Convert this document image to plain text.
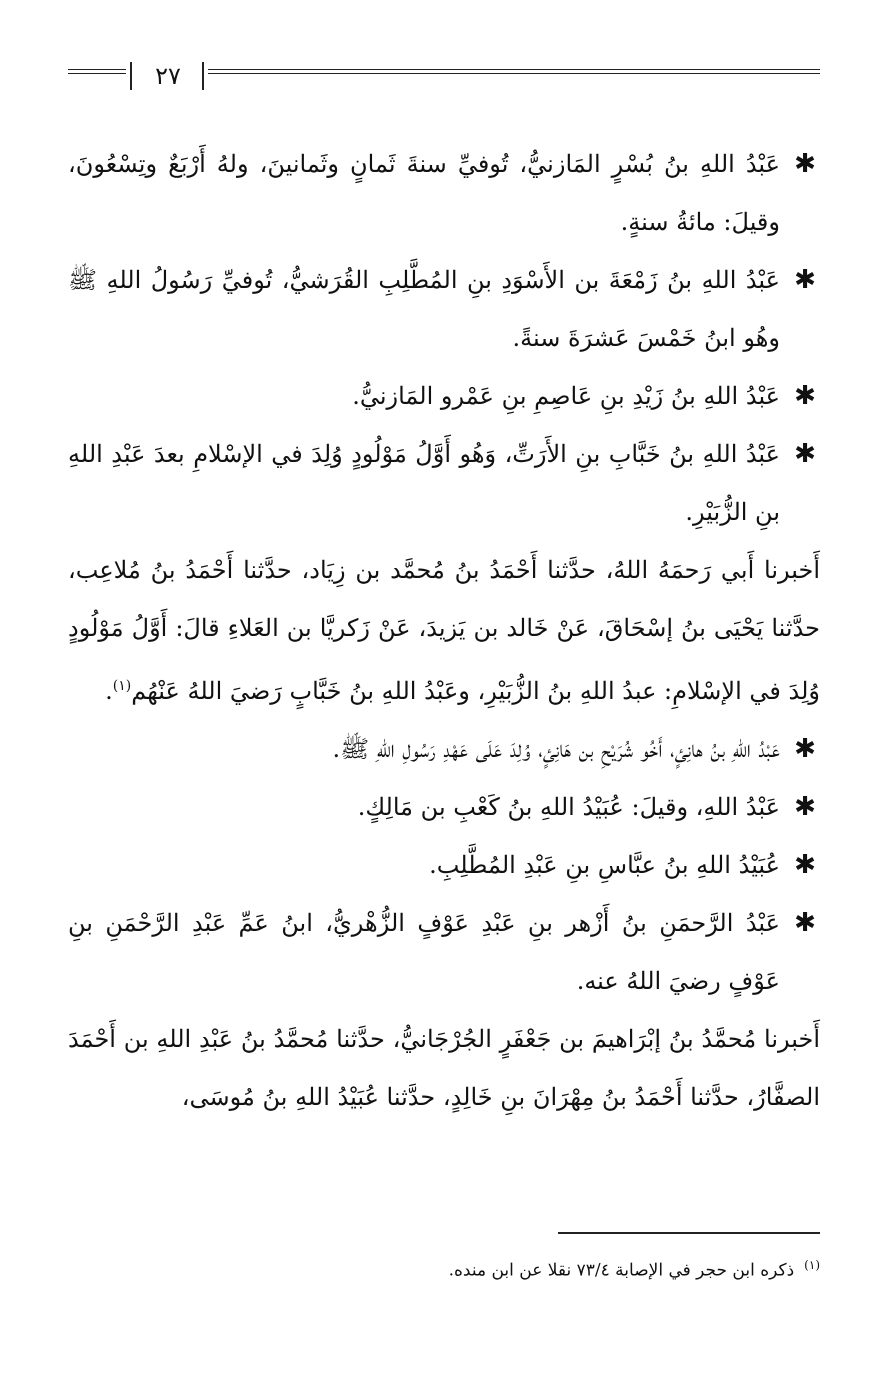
٢٧

✱
عَبْدُ اللهِ بنُ بُسْرٍ المَازنيُّ، تُوفيِّ سنةَ ثَمانٍ وثَمانينَ، ولهُ أَرْبَعٌ وتِسْعُونَ، وقيلَ: مائةُ سنةٍ.

✱
عَبْدُ اللهِ بنُ زَمْعَةَ بن الأَسْوَدِ بنِ المُطَّلِبِ القُرَشيُّ، تُوفيِّ رَسُولُ اللهِ ﷺ وهُو ابنُ خَمْسَ عَشرَةَ سنةً.

✱
عَبْدُ اللهِ بنُ زَيْدِ بنِ عَاصِمِ بنِ عَمْرو المَازنيُّ.

✱
عَبْدُ اللهِ بنُ خَبَّابِ بنِ الأَرَتِّ، وَهُو أَوَّلُ مَوْلُودٍ وُلِدَ في الإسْلامِ بعدَ عَبْدِ اللهِ بنِ الزُّبَيْرِ.

أَخبرنا أَبي رَحمَهُ اللهُ، حدَّثنا أَحْمَدُ بنُ مُحمَّد بن زِيَاد، حدَّثنا أَحْمَدُ بنُ مُلاعِب، حدَّثنا يَحْيَى بنُ إسْحَاقَ، عَنْ خَالد بن يَزيدَ، عَنْ زَكريَّا بن العَلاءِ قالَ: أَوَّلُ مَوْلُودٍ وُلِدَ في الإسْلامِ: عبدُ اللهِ بنُ الزُّبَيْرِ، وعَبْدُ اللهِ بنُ خَبَّابٍ رَضيَ اللهُ عَنْهُم$^{(١)}$.

✱
عَبْدُ اللهِ بنُ هانِئٍ، أَخُو شُرَيْحِ بن هَانِئٍ، وُلِدَ عَلَى عَهْدِ رَسُولِ اللهِ ﷺ.

✱
عَبْدُ اللهِ، وقيلَ: عُبَيْدُ اللهِ بنُ كَعْبِ بن مَالِكٍ.

✱
عُبَيْدُ اللهِ بنُ عبَّاسِ بنِ عَبْدِ المُطَّلِبِ.

✱
عَبْدُ الرَّحمَنِ بنُ أَزْهر بنِ عَبْدِ عَوْفٍ الزُّهْريُّ، ابنُ عَمِّ عَبْدِ الرَّحْمَنِ بنِ عَوْفٍ رضيَ اللهُ عنه.

أَخبرنا مُحمَّدُ بنُ إبْرَاهيمَ بن جَعْفَرٍ الجُرْجَانيُّ، حدَّثنا مُحمَّدُ بنُ عَبْدِ اللهِ بن أَحْمَدَ الصفَّارُ، حدَّثنا أَحْمَدُ بنُ مِهْرَانَ بنِ خَالِدٍ، حدَّثنا عُبَيْدُ اللهِ بنُ مُوسَى،

$^{(١)}$ذكره ابن حجر في الإصابة ٧٣/٤ نقلا عن ابن منده.
